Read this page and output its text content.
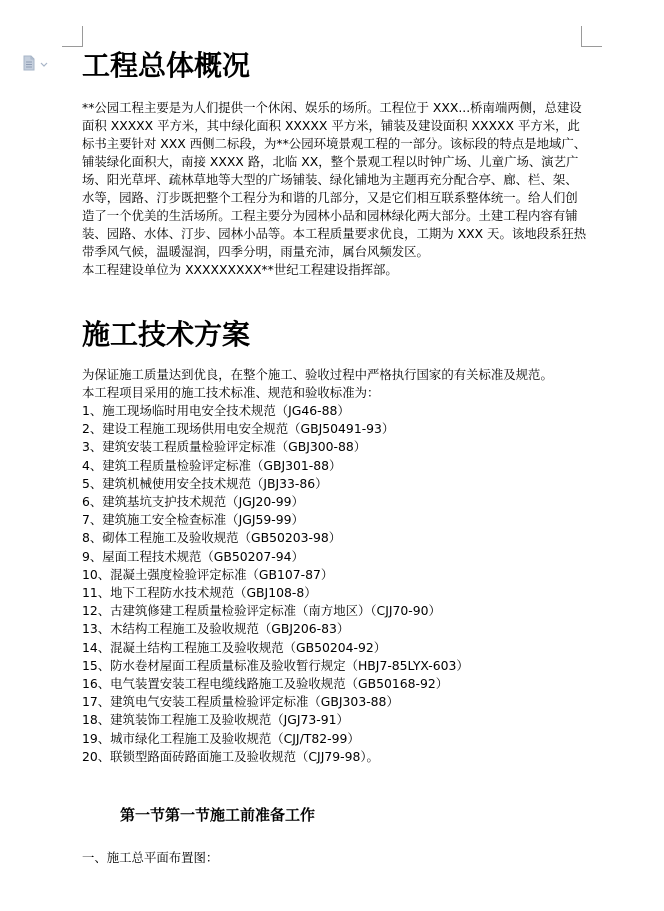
工程总体概况

**公园工程主要是为人们提供一个休闲、娱乐的场所。工程位于 XXX...桥南端两侧，总建设面积 XXXXX 平方米，其中绿化面积 XXXXX 平方米，铺装及建设面积 XXXXX 平方米，此标书主要针对 XXX 西侧二标段，为**公园环境景观工程的一部分。该标段的特点是地域广、铺装绿化面积大，南接 XXXX 路，北临 XX，整个景观工程以时钟广场、儿童广场、演艺广场、阳光草坪、疏林草地等大型的广场铺装、绿化铺地为主题再充分配合亭、廊、栏、架、水等，园路、汀步既把整个工程分为和谐的几部分，又是它们相互联系整体统一。给人们创造了一个优美的生活场所。工程主要分为园林小品和园林绿化两大部分。土建工程内容有铺装、园路、水体、汀步、园林小品等。本工程质量要求优良，工期为 XXX 天。该地段系狂热带季风气候，温暖湿润，四季分明，雨量充沛，属台风频发区。

本工程建设单位为 XXXXXXXXX**世纪工程建设指挥部。

施工技术方案

为保证施工质量达到优良，在整个施工、验收过程中严格执行国家的有关标准及规范。

本工程项目采用的施工技术标准、规范和验收标准为：

1、施工现场临时用电安全技术规范（JG46-88）
2、建设工程施工现场供用电安全规范（GBJ50491-93）
3、建筑安装工程质量检验评定标准（GBJ300-88）
4、建筑工程质量检验评定标准（GBJ301-88）
5、建筑机械使用安全技术规范（JBJ33-86）
6、建筑基坑支护技术规范（JGJ20-99）
7、建筑施工安全检查标准（JGJ59-99）
8、砌体工程施工及验收规范（GB50203-98）
9、屋面工程技术规范（GB50207-94）
10、混凝土强度检验评定标准（GB107-87）
11、地下工程防水技术规范（GBJ108-8）
12、古建筑修建工程质量检验评定标准（南方地区）（CJJ70-90）
13、木结构工程施工及验收规范（GBJ206-83）
14、混凝土结构工程施工及验收规范（GB50204-92）
15、防水卷材屋面工程质量标准及验收暂行规定（HBJ7-85LYX-603）
16、电气装置安装工程电缆线路施工及验收规范（GB50168-92）
17、建筑电气安装工程质量检验评定标准（GBJ303-88）
18、建筑装饰工程施工及验收规范（JGJ73-91）
19、城市绿化工程施工及验收规范（CJJ/T82-99）
20、联锁型路面砖路面施工及验收规范（CJJ79-98）。
第一节第一节施工前准备工作
一、施工总平面布置图：
